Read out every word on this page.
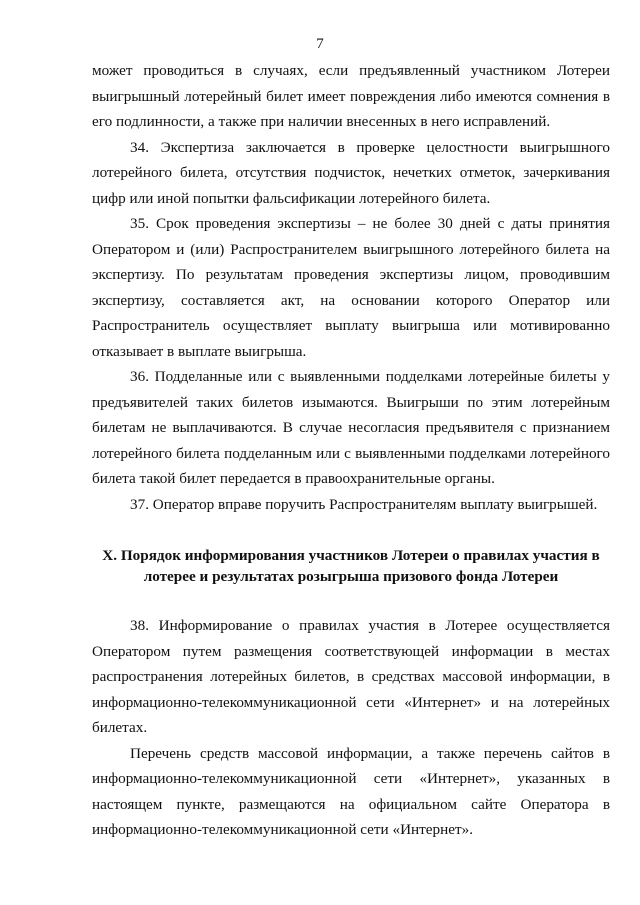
7

может проводиться в случаях, если предъявленный участником Лотереи выигрышный лотерейный билет имеет повреждения либо имеются сомнения в его подлинности, а также при наличии внесенных в него исправлений.

34. Экспертиза заключается в проверке целостности выигрышного лотерейного билета, отсутствия подчисток, нечетких отметок, зачеркивания цифр или иной попытки фальсификации лотерейного билета.

35. Срок проведения экспертизы – не более 30 дней с даты принятия Оператором и (или) Распространителем выигрышного лотерейного билета на экспертизу. По результатам проведения экспертизы лицом, проводившим экспертизу, составляется акт, на основании которого Оператор или Распространитель осуществляет выплату выигрыша или мотивированно отказывает в выплате выигрыша.

36. Подделанные или с выявленными подделками лотерейные билеты у предъявителей таких билетов изымаются. Выигрыши по этим лотерейным билетам не выплачиваются. В случае несогласия предъявителя с признанием лотерейного билета подделанным или с выявленными подделками лотерейного билета такой билет передается в правоохранительные органы.

37. Оператор вправе поручить Распространителям выплату выигрышей.

X. Порядок информирования участников Лотереи о правилах участия в лотерее и результатах розыгрыша призового фонда Лотереи

38. Информирование о правилах участия в Лотерее осуществляется Оператором путем размещения соответствующей информации в местах распространения лотерейных билетов, в средствах массовой информации, в информационно-телекоммуникационной сети «Интернет» и на лотерейных билетах.

Перечень средств массовой информации, а также перечень сайтов в информационно-телекоммуникационной сети «Интернет», указанных в настоящем пункте, размещаются на официальном сайте Оператора в информационно-телекоммуникационной сети «Интернет».
